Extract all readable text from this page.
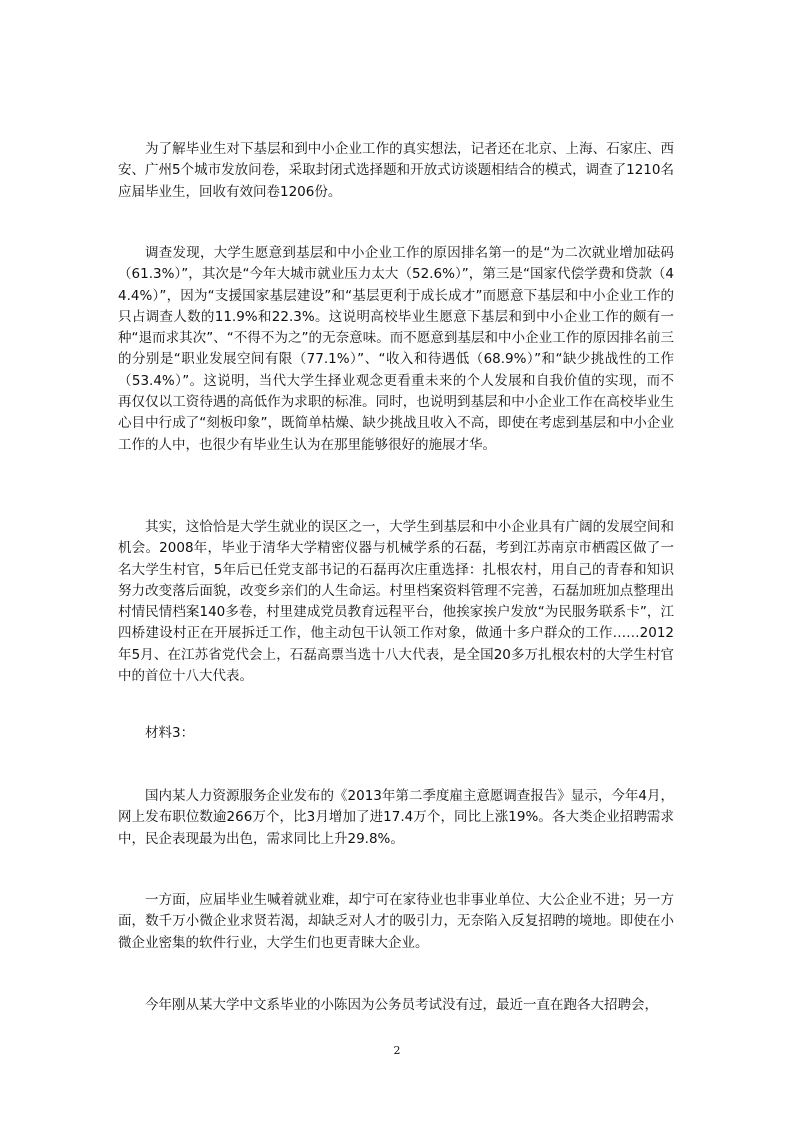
为了解毕业生对下基层和到中小企业工作的真实想法，记者还在北京、上海、石家庄、西安、广州5个城市发放问卷，采取封闭式选择题和开放式访谈题相结合的模式，调查了1210名应届毕业生，回收有效问卷1206份。

调查发现，大学生愿意到基层和中小企业工作的原因排名第一的是“为二次就业增加砝码（61.3%）”，其次是“今年大城市就业压力太大（52.6%）”，第三是“国家代偿学费和贷款（44.4%）”，因为“支援国家基层建设”和“基层更利于成长成才”而愿意下基层和中小企业工作的只占调查人数的11.9%和22.3%。这说明高校毕业生愿意下基层和到中小企业工作的颇有一种“退而求其次”、“不得不为之”的无奈意味。而不愿意到基层和中小企业工作的原因排名前三的分别是“职业发展空间有限（77.1%）”、“收入和待遇低（68.9%）”和“缺少挑战性的工作（53.4%）”。这说明，当代大学生择业观念更看重未来的个人发展和自我价值的实现，而不再仅仅以工资待遇的高低作为求职的标准。同时，也说明到基层和中小企业工作在高校毕业生心目中行成了“刻板印象”，既简单枯燥、缺少挑战且收入不高，即使在考虑到基层和中小企业工作的人中，也很少有毕业生认为在那里能够很好的施展才华。

其实，这恰恰是大学生就业的误区之一，大学生到基层和中小企业具有广阔的发展空间和机会。2008年，毕业于清华大学精密仪器与机械学系的石磊，考到江苏南京市栖霞区做了一名大学生村官，5年后已任党支部书记的石磊再次庄重选择：扎根农村，用自己的青春和知识努力改变落后面貌，改变乡亲们的人生命运。村里档案资料管理不完善，石磊加班加点整理出村情民情档案140多卷，村里建成党员教育远程平台，他挨家挨户发放“为民服务联系卡”，江四桥建设村正在开展拆迁工作，他主动包干认领工作对象，做通十多户群众的工作……2012年5月、在江苏省党代会上，石磊高票当选十八大代表，是全国20多万扎根农村的大学生村官中的首位十八大代表。

材料3：

国内某人力资源服务企业发布的《2013年第二季度雇主意愿调查报告》显示，今年4月，网上发布职位数逾266万个，比3月增加了进17.4万个，同比上涨19%。各大类企业招聘需求中，民企表现最为出色，需求同比上升29.8%。

一方面，应届毕业生喊着就业难，却宁可在家待业也非事业单位、大公企业不进；另一方面，数千万小微企业求贤若渴，却缺乏对人才的吸引力，无奈陷入反复招聘的境地。即使在小微企业密集的软件行业，大学生们也更青睐大企业。

今年刚从某大学中文系毕业的小陈因为公务员考试没有过，最近一直在跑各大招聘会，

2
